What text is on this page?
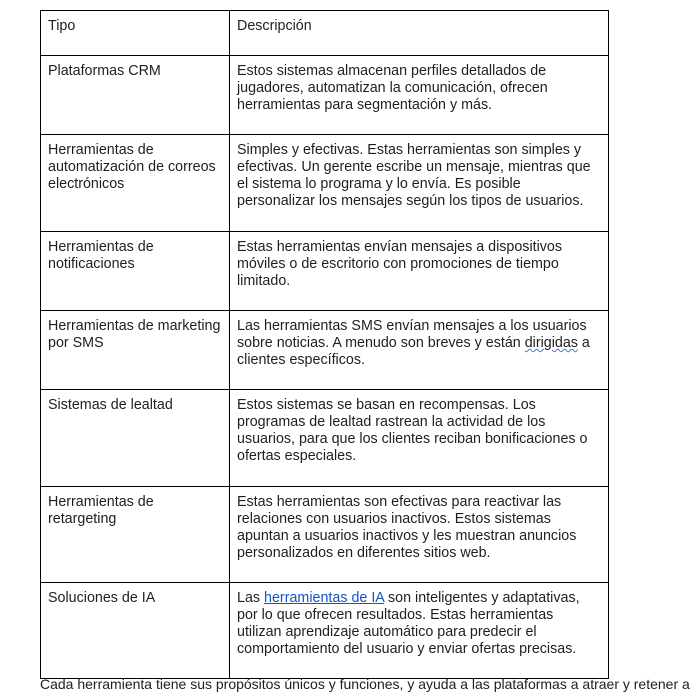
Tipo	Descripción
Plataformas CRM	Estos sistemas almacenan perfiles detallados de jugadores, automatizan la comunicación, ofrecen herramientas para segmentación y más.
Herramientas de automatización de correos electrónicos	Simples y efectivas. Estas herramientas son simples y efectivas. Un gerente escribe un mensaje, mientras que el sistema lo programa y lo envía. Es posible personalizar los mensajes según los tipos de usuarios.
Herramientas de notificaciones	Estas herramientas envían mensajes a dispositivos móviles o de escritorio con promociones de tiempo limitado.
Herramientas de marketing por SMS	Las herramientas SMS envían mensajes a los usuarios sobre noticias. A menudo son breves y están dirigidas a clientes específicos.
Sistemas de lealtad	Estos sistemas se basan en recompensas. Los programas de lealtad rastrean la actividad de los usuarios, para que los clientes reciban bonificaciones o ofertas especiales.
Herramientas de retargeting	Estas herramientas son efectivas para reactivar las relaciones con usuarios inactivos. Estos sistemas apuntan a usuarios inactivos y les muestran anuncios personalizados en diferentes sitios web.
Soluciones de IA	Las herramientas de IA son inteligentes y adaptativas, por lo que ofrecen resultados. Estas herramientas utilizan aprendizaje automático para predecir el comportamiento del usuario y enviar ofertas precisas.
Cada herramienta tiene sus propósitos únicos y funciones, y ayuda a las plataformas a atraer y retener a
